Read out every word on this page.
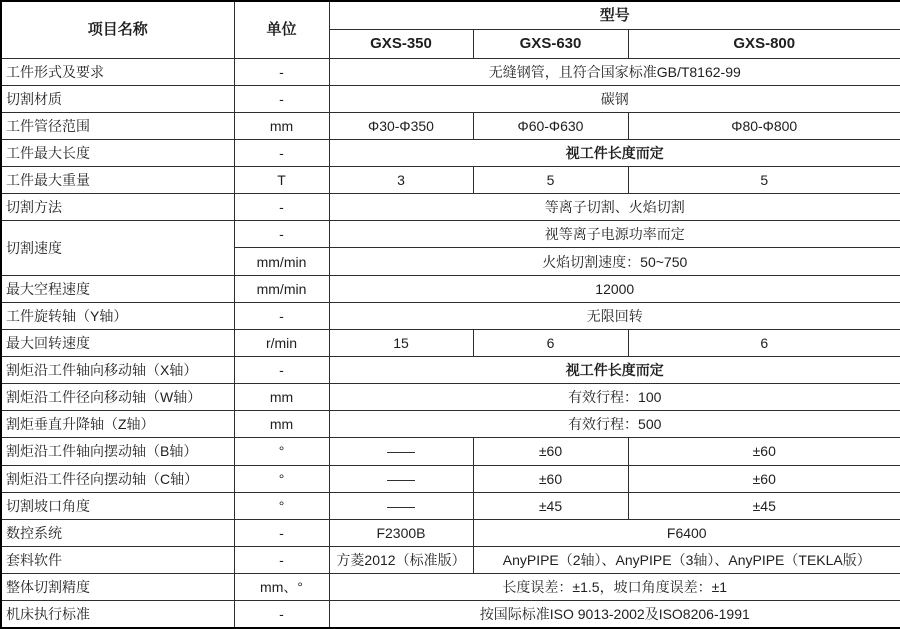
项目名称	单位	型号		
		GXS-350	GXS-630	GXS-800
工件形式及要求	-	无缝钢管，且符合国家标准GB/T8162-99		
切割材质	-	碳钢		
工件管径范围	mm	Φ30-Φ350	Φ60-Φ630	Φ80-Φ800
工件最大长度	-	视工件长度而定		
工件最大重量	T	3	5	5
切割方法	-	等离子切割、火焰切割		
切割速度	-	视等离子电源功率而定		
	mm/min	火焰切割速度：50~750		
最大空程速度	mm/min	12000		
工件旋转轴（Y轴）	-	无限回转		
最大回转速度	r/min	15	6	6
割炬沿工件轴向移动轴（X轴）	-	视工件长度而定		
割炬沿工件径向移动轴（W轴）	mm	有效行程：100		
割炬垂直升降轴（Z轴）	mm	有效行程：500		
割炬沿工件轴向摆动轴（B轴）	°	——	±60	±60
割炬沿工件径向摆动轴（C轴）	°	——	±60	±60
切割坡口角度	°	——	±45	±45
数控系统	-	F2300B	F6400	
套料软件	-	方菱2012（标准版）	AnyPIPE（2轴）、AnyPIPE（3轴）、AnyPIPE（TEKLA版）	
整体切割精度	mm、°	长度误差：±1.5，坡口角度误差：±1		
机床执行标准	-	按国际标准ISO 9013-2002及ISO8206-1991		
